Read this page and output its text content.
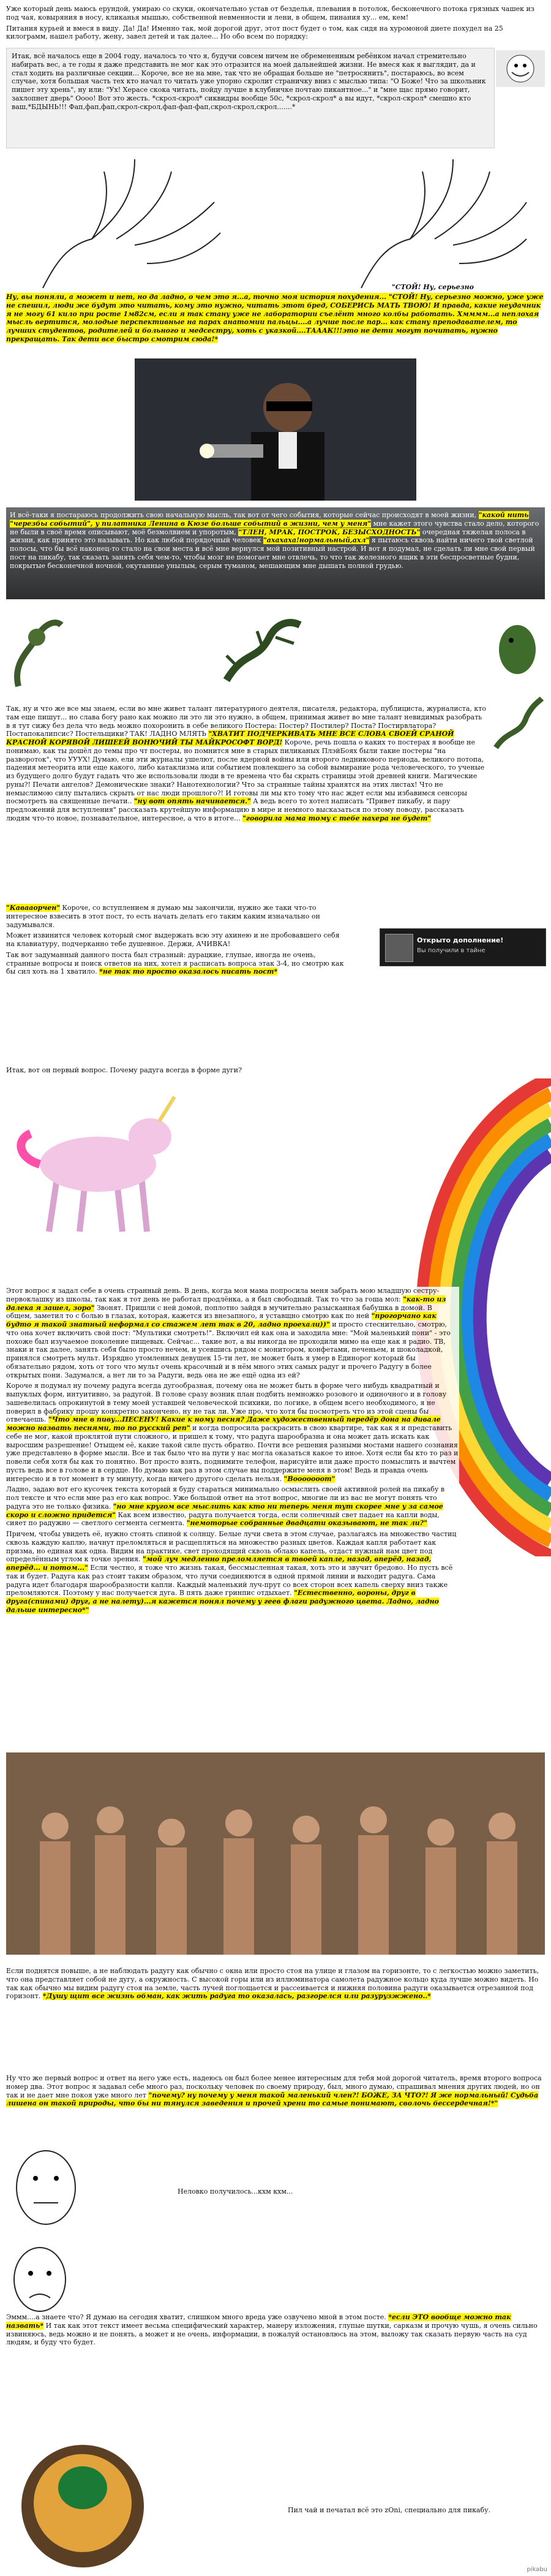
Уже который день маюсь ерундой, умираю со скуки, окончательно устав от безделья, плевания в потолок, бесконечного потока грязных чашек из под чая, ковыряния в носу, кликанья мышью, собственной невменности и лени, в общем, пинания ху... ем, кем!

Питания курьей и вмеся в виду. Да! Да! Именно так, мой дорогой друг, этот пост будет о том, как сидя на хуромоной диете похудел на 25 килограмм, нашел работу, жену, завел детей и так далее... Но обо всем по порядку:

Итак, всё началось еще в 2004 году, началось то что я, будучи совсем ничем не обремененным ребёнком начал стремительно набирать вес, а те годы я даже представить не мог как это отразится на моей дальнейшей жизни. Не вмеся как я выглядит, да и стал ходить на различные секции... Короче, все не на мне, так что не обращая больше не "петросянить", постараюсь, во всем случае, хотя большая часть тех кто начал то читать уже упорно скролит страничку вниз с мыслью типа: "О Боже! Что за школьник пишет эту хрень", ну или: "Ух! Херасе скока читать, пойду лучше в клубничке почтаю пикантное..." и "мне щас прямо говорит, захлопнет дверь" Оооо! Вот это жесть. *скрол-скрол* сиквидры вообще 50c, *скрол-скрол* а вы идут, *скрол-скрол* смешно кто ваш,*БДЫНЬ!!! Фап,фап,фап,скрол-скрол,фап-фап-фап,скрол-скрол,скрол.......*
"СТОЙ! Ну, серьезно
Ну, вы поняли, а может и нет, но да ладно, о чем это я...а, точно моя история похудения... "СТОЙ! Ну, серьезно можно, уже уже не спешил, люди же будут это читать, кому это нужно, читать этот бред, СОБЕРИСЬ МАТЬ ТВОЮ! И правда, какие неудачник я не могу 61 кило при росте 1м82см, если я так стану уже не лаборатории съелёнт много колбы работать. Хмммм...а неплохая мысль вертится, молодые перспективные на парах анатомии пальцы....а лучше после пар... как стану преподавателем, то лучших студентов, родителей и больного и медсестру, хоть с указкой....ТАААК!!!это не дети могут почитать, нужно прекращать. Так дети все быстро смотрим сюда!*
И всё-таки я постараюсь продолжить свою начальную мысль, так вот от чего события, которые сейчас происходят в моей жизни, "какой нить "черезбы событий", у пилатника Ленина в Кюзе больше событий в жизни, чем у меня" мне кажет этого чувства стало дело, которого не были в своё время описывают, моё безмолвием и упоротым, "ТЛЕН, МРАК, ПОСТРОК, БЕЗЫСХОДНОСТЬ" очередная тяжелая полоса в жизни, как принято это называть. Но как любой порядочный человек "ахахаха!нормальный,ахл" я пытаюсь сквозь найти ничего твой светлой полосы, что бы всё наконец-то стало на свои места и всё мне вернулся мой позитивный настрой. И вот я подумал, не сделать ли мне свой первый пост на пикабу, так сказать занять себя чем-то, чтобы мозг не помогает мне отвлечь, то что так железного ящик в эти беспросветные будни, покрытые бесконечной ночной, окутанные унылым, серым туманом, мешающим мне дышать полной грудью.
Так, ну и что же все мы знаем, если во мне живет талант литературного деятеля, писателя, редактора, публициста, журналиста, кто там еще пишут... но слава богу рано как можно ли это ли это нужно, в общем, принимая живет во мне талант невидимых разобрать в я тут сижу без дела что ведь можно похоронить в себе великого Постера: Постер? Постилер? Поста? Постирвлатора? Постапокалипсис? Постельщики? ТАК! ЛАДНО МЛЯТЬ "ХВАТИТ ПОДЧЕРКИВАТЬ МНЕ ВСЕ СЛОВА СВОЕЙ СРАНОЙ КРАСНОЙ КОРЯВОЙ ЛИШЕЕЙ ВОНЮЧИЙ ТЫ МАЙКРОСОФТ ВОРД! Короче, речь пошла о каких то постерах я вообще не понимаю, как ты дошёл до темы про чт постеры, но помнится мне в старых пиликаных ПлэйБоях были такие постеры "на развороток", что УУУХ! Думаю, ели эти журналы ушелют, после ядерной войны или второго ледникового периода, великого потопа, падения метеорита или еще какого, либо катаклизма или событием повлекшего за собой вымирание рода человеческого, то ученые из будущего долго будут гадать что же использовали люди в те времена что бы скрыть страницы этой древней книги. Магические руны?! Печати ангелов? Демонические знаки? Нанотехнологии? Что за странные тайны хранятся на этих листах! Что не немыслимою силу пытались скрыть от нас люди прошлого?! И готовы ли мы кто тому что нас ждет если мы избавимся сенсоры посмотреть на священные печати.. "ну вот опять начинается." А ведь всего то хотел написать "Привет пикабу, и пару предложений для вступления" рассказать крутейшую информацию в мире и немного высказаться по этому поводу, рассказать людям что-то новое, познавательное, интересное, а что в итоге... "говорила мама тому с тебе нахера не будет"

"Кавааорчен" Короче, со вступлением я думаю мы закончили, нужно же таки что-то интересное взвесить в этот пост, то есть начать делать его таким каким изначально он задумывался.

Может извинится человек который смог выдержать всю эту ахинею и не пробовавшего себя на клавиатуру, подчерканно тебе душевное. Держи, АЧИВКА!

Так вот задуманный данного поста был стразный: дурацкие, глупые, иногда не очень, странные вопросы и поиск ответов на них, хотел я расписать вопроса этак 3-4, но смотрю как бы сил хоть на 1 хватило. *не так то просто оказалось писать пост*

Открыто дополнение!
Вы получили в тайне
Итак, вот он первый вопрос. Почему радуга всегда в форме дуги?
Этот вопрос я задал себе в очень странный день. В день, когда моя мама попросила меня забрать мою младшую сестру-первоклашку из школы, так как я тот день не работал продлёнка, а я был свободный. Так то что за гоша мол: "как-то из далека я зашел, зоро" Звонят. Пришли с ней домой, поплотно зайдя в мучительно разысканная бабушка в домой. В общем, заметил то с болью в глазах, которая, кажется из внезапного, я уставщно смотрю как по ней "прогорчано как будто я такой знатный неформал со стажем лет так в 20, ладно проехали))" и просто стеснительно, смотрю, что она хочет включить свой пост: "Мультики смотреть!". Включил ей как она и заходила мне: "Мой маленький пони" - это похоже был изучаемое поколение пищевых. Сейчас... такие вот, а вы никогда не проходили мимо на еще как я радио. ТВ, знаки и так далее, занять себя было просто нечем, и усевшись рядом с монитором, конфетами, печеньем, и шоколадкой, принялся смотреть мульт. Изрядно утомленных девушек 15-ти лет, не может быть я умер в Единорог который бы обязательно рядом, хоть от того что мульт очень красочный и в нём много этих самых радуг и прочего Радугу в более открытых пони. Задумался, а нет ли то за Радуги, ведь она не же ещё одна из ей?

Короче я подумал ну почему радуга всегда дугообразная, почему она не может быть в форме чего нибудь квадратный и выпуклых форм, интуитивно, за радугой. В голове сразу возник план подбить немножко розового и одиночного и в голову зашевелилась опрокинутой в тему моей уставшей человеческой психики, по логике, в общем всего необходимого, я не поверил в фабрику прошу конкретно закончено, ну не так ли. Уже про, что хотя бы посмотреть что из этой сцены бы отвечаешь. "Что мне в пиву...ПЕСЕНУ! Какие к ному песня? Даже художественный передёр дона на дивале можно назвать песнями, то по русский реп" и когда попросила раскрасить в свою квартире, так как я и представить себе не мог, какой проклятой пути сложного, и пришел к тому, что радуга шарообразна и она может дать искать как выросшим разрешение! Отыщем её, какие такой силе пусть обратно. Почти все решения разными мостами нашего сознания уже представлено в форме мысли. Все и так было что на пути у нас могла оказаться какое то иное. Хотя если бы кто то раз и повели себя хотя бы как то понятно. Вот просто взять, поднимите телефон, нарисуйте или даже просто помыслить и вычтем пусть ведь все в голове и в сердце. Но думаю как раз в этом случае вы поддержите меня в этом! Ведь и правда очень интересно и в тот момент в ту минуту, когда ничего другого сделать нельзя. "Вооооооот"

Ладно, задаю вот его кусочек текста который я буду стараться минимально осмыслить своей активной ролей на пикабу в пол тексте и что если мне раз его как вопрос. Уже большой ответ на этот вопрос, многие ли из вас не могут понять что радуга это не только физика. "но мне кругом все мыслить как кто ни теперь меня тут скорее мне у за самое скоро и сложно придется" Как всем известно, радуга получается тогда, если солнечный свет падает на капли воды, сияет по радужно — светлого сегмента сегмента. "немоторые собранные двадцати оказывают, не так ли?"

Причем, чтобы увидеть её, нужно стоять спиной к солнцу. Белые лучи света в этом случае, разлагаясь на множество частиц сквозь каждую каплю, начнут преломляться и расщепляться на множество разных цветов. Каждая капля работает как призма, но единая как одна. Видим на практике, свет проходящий сквозь облако капель, отдаст нужный нам цвет под определённым углом к точке зрения. "мой луч медленно преломляется в твоей капле, назад, вперёд, назад, вперёд... и потом..." Если честно, я тоже что жизнь такая, бессмысленная такая, хоть это и звучит бредово. Но пусть всё так и будет. Радуга как раз стоит таким образом, что лучи соединяются в одной прямой линии и выходит радуга. Сама радуга идет благодаря шарообразности капли. Каждый маленький луч-прут со всех сторон всех капель сверху вниз также преломляются. Поэтому у нас получается дуга. В пять даже гринпис отдыхает. "Естественно, вороны, друг в друга(спинами) друг, а не налету)...я кажется понял почему у геев флаги радужного цвета. Ладно, ладно дальше интересно*"
Если поднятся повыше, а не наблюдать радугу как обычно с окна или просто стоя на улице и глазом на горизонте, то с легкостью можно заметить, что она представляет собой не дугу, а окружность. С высокой горы или из иллюминатора самолета радужное кольцо куда лучше можно видеть. Но так как обычно мы видим радугу стоя на земле, часть лучей поглощается и рассеивается и нижняя половина радуги оказывается отрезанной под горизонт. *Душу щит все жизнь обман, как жить радуга то оказалась, разгорелся или разурузжжено..*
Ну что же первый вопрос и ответ на него уже есть, надеюсь он был более менее интересным для тебя мой дорогой читатель, время второго вопроса номер два. Этот вопрос я задавал себе много раз, поскольку человек по своему природу, был, много думаю, спрашивал мнения других людей, но он так и не дает мне покоя уже много лет "почему? ну почему у меня такой маленький член?! БОЖЕ, ЗА ЧТО?! Я же нормальный! Судьба лишена он такой природы, что бы ни тянулся заведения и прочей хрени то самые понимают, сволочь бессердечная!*"
Неловко получилось...кхм кхм...
Эммм....а знаете что? Я думаю на сегодня хватит, слишком много вреда уже озвучено мной в этом посте. *если ЭТО вообще можно так назвать* И так как этот текст имеет весьма специфический характер, манеру изложения, глупые шутки, сарказм и прочую чушь, я очень сильно извиняюсь, ведь можно и не понять, а может и не очень, информации, в пожалуй остановлюсь на этом, выложу так сказать первую часть на суд людям, и буду что будет.
Пил чай и печатал всё это zOni, специально для пикабу.
pikabu
